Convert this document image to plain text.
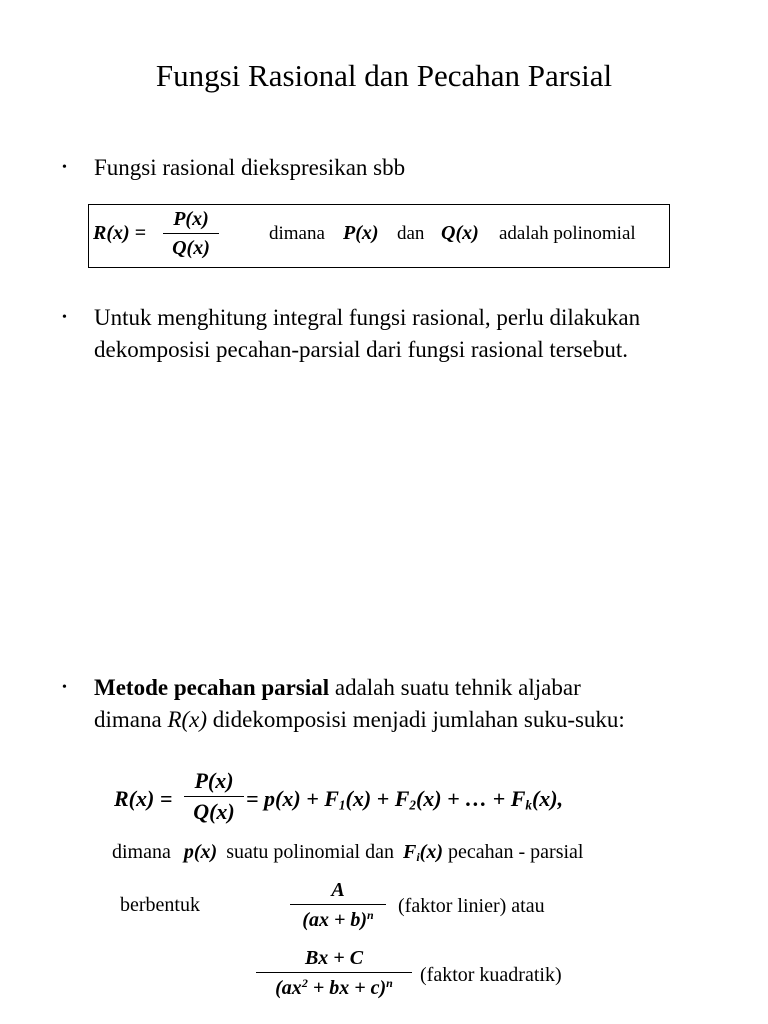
Fungsi Rasional dan Pecahan Parsial
• Fungsi rasional diekspresikan sbb
R(x) =
P(x)
Q(x)
dimana P(x) dan Q(x) adalah polinomial
• Untuk menghitung integral fungsi rasional, perlu dilakukan
dekomposisi pecahan-parsial dari fungsi rasional tersebut.
• Metode pecahan parsial adalah suatu tehnik aljabar
dimana R(x) didekomposisi menjadi jumlahan suku-suku:
R(x) =
P(x)
Q(x)
= $p(x) + F_1(x) + F_2(x)$ + … + $F_k(x)$,
dimana p(x) suatu polinomial dan $F_i(x)$ pecahan - parsial
berbentuk
A
(ax + b)$^n$	(faktor linier) atau
Bx + C
($ax^2$ + bx + c)$^n$	(faktor kuadratik)
